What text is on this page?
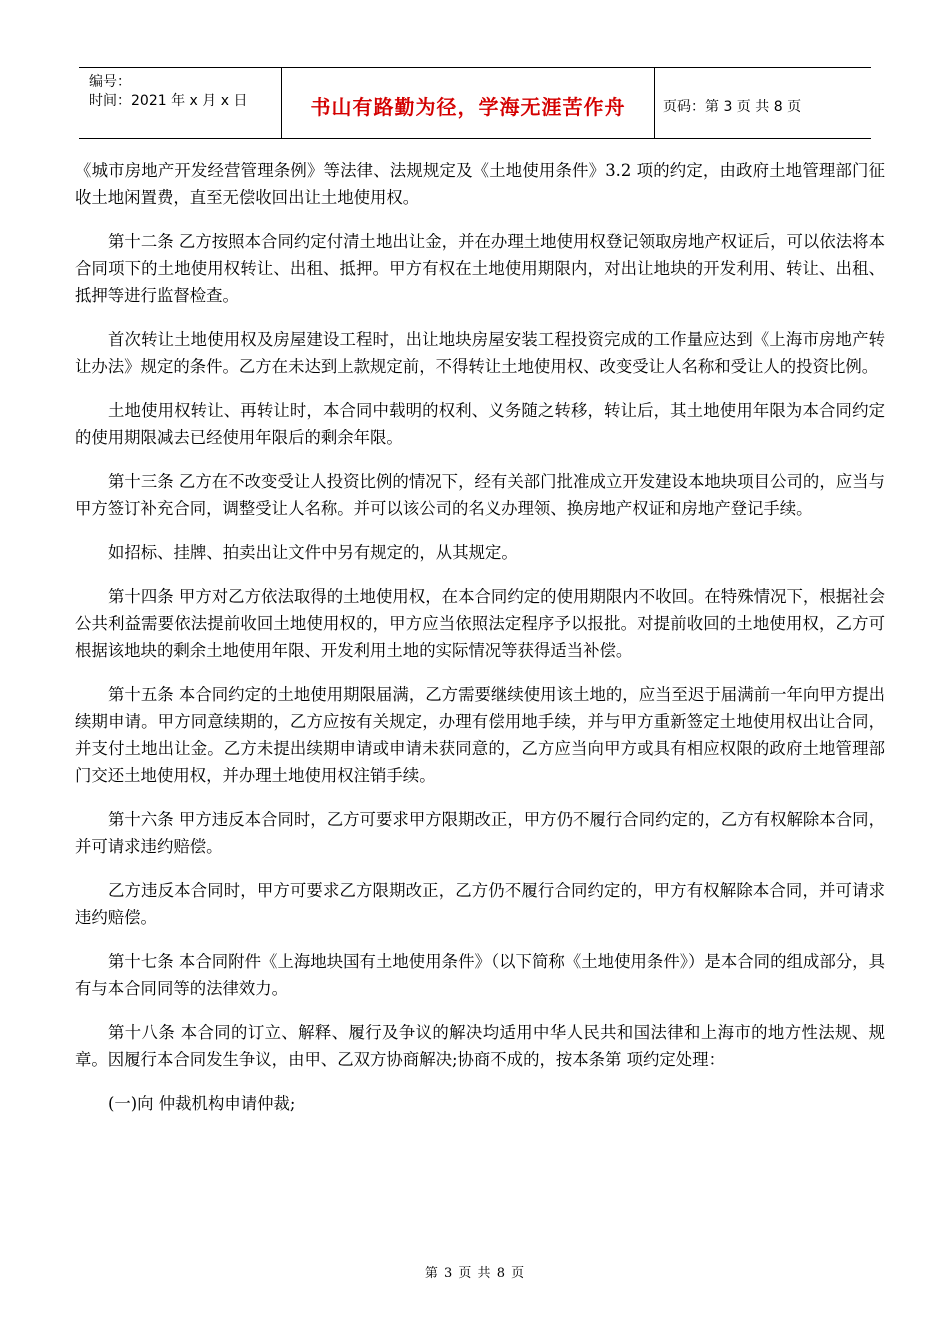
编号：
时间：2021 年 x 月 x 日	书山有路勤为径，学海无涯苦作舟	页码：第 3 页 共 8 页

《城市房地产开发经营管理条例》等法律、法规规定及《土地使用条件》3.2 项的约定，由政府土地管理部门征收土地闲置费，直至无偿收回出让土地使用权。

第十二条 乙方按照本合同约定付清土地出让金，并在办理土地使用权登记领取房地产权证后，可以依法将本合同项下的土地使用权转让、出租、抵押。甲方有权在土地使用期限内，对出让地块的开发利用、转让、出租、抵押等进行监督检查。

首次转让土地使用权及房屋建设工程时，出让地块房屋安装工程投资完成的工作量应达到《上海市房地产转让办法》规定的条件。乙方在未达到上款规定前，不得转让土地使用权、改变受让人名称和受让人的投资比例。

土地使用权转让、再转让时，本合同中载明的权利、义务随之转移，转让后，其土地使用年限为本合同约定的使用期限减去已经使用年限后的剩余年限。

第十三条 乙方在不改变受让人投资比例的情况下，经有关部门批准成立开发建设本地块项目公司的，应当与甲方签订补充合同，调整受让人名称。并可以该公司的名义办理领、换房地产权证和房地产登记手续。

如招标、挂牌、拍卖出让文件中另有规定的，从其规定。

第十四条 甲方对乙方依法取得的土地使用权，在本合同约定的使用期限内不收回。在特殊情况下，根据社会公共利益需要依法提前收回土地使用权的，甲方应当依照法定程序予以报批。对提前收回的土地使用权，乙方可根据该地块的剩余土地使用年限、开发利用土地的实际情况等获得适当补偿。

第十五条 本合同约定的土地使用期限届满，乙方需要继续使用该土地的，应当至迟于届满前一年向甲方提出续期申请。甲方同意续期的，乙方应按有关规定，办理有偿用地手续，并与甲方重新签定土地使用权出让合同，并支付土地出让金。乙方未提出续期申请或申请未获同意的，乙方应当向甲方或具有相应权限的政府土地管理部门交还土地使用权，并办理土地使用权注销手续。

第十六条 甲方违反本合同时，乙方可要求甲方限期改正，甲方仍不履行合同约定的，乙方有权解除本合同，并可请求违约赔偿。

乙方违反本合同时，甲方可要求乙方限期改正，乙方仍不履行合同约定的，甲方有权解除本合同，并可请求违约赔偿。

第十七条 本合同附件《上海地块国有土地使用条件》（以下简称《土地使用条件》）是本合同的组成部分，具有与本合同同等的法律效力。

第十八条 本合同的订立、解释、履行及争议的解决均适用中华人民共和国法律和上海市的地方性法规、规章。因履行本合同发生争议，由甲、乙双方协商解决;协商不成的，按本条第 项约定处理：

(一)向 仲裁机构申请仲裁;

第 3 页 共 8 页
